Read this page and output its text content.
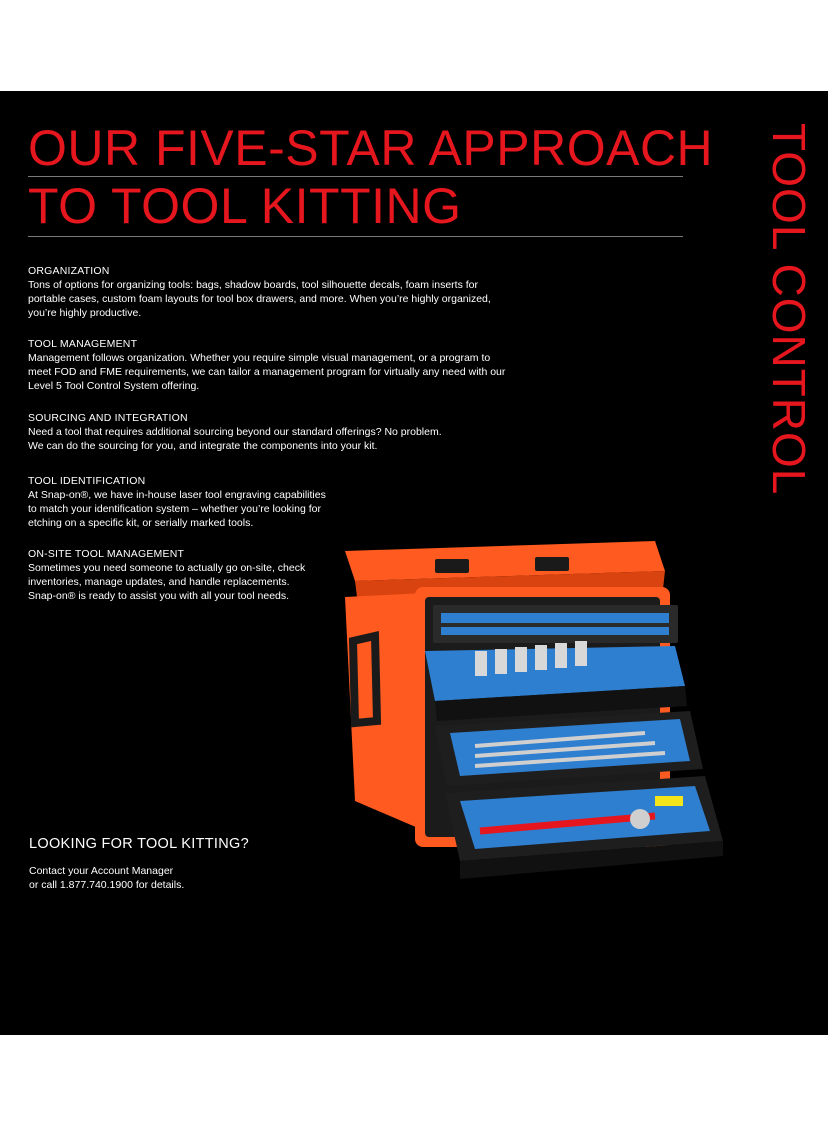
OUR FIVE-STAR APPROACH
TO TOOL KITTING	TOOL CONTROL
ORGANIZATION
Tons of options for organizing tools: bags, shadow boards, tool silhouette decals, foam inserts for
portable cases, custom foam layouts for tool box drawers, and more. When you’re highly organized,
you’re highly productive.
TOOL MANAGEMENT
Management follows organization. Whether you require simple visual management, or a program to
meet FOD and FME requirements, we can tailor a management program for virtually any need with our
Level 5 Tool Control System offering.
SOURCING AND INTEGRATION
Need a tool that requires additional sourcing beyond our standard offerings? No problem.
We can do the sourcing for you, and integrate the components into your kit.
TOOL IDENTIFICATION
At Snap-on®, we have in-house laser tool engraving capabilities
to match your identification system – whether you’re looking for
etching on a specific kit, or serially marked tools.
ON-SITE TOOL MANAGEMENT
Sometimes you need someone to actually go on-site, check
inventories, manage updates, and handle replacements.
Snap-on® is ready to assist you with all your tool needs.
LOOKING FOR TOOL KITTING?
Contact your Account Manager
or call 1.877.740.1900 for details.
